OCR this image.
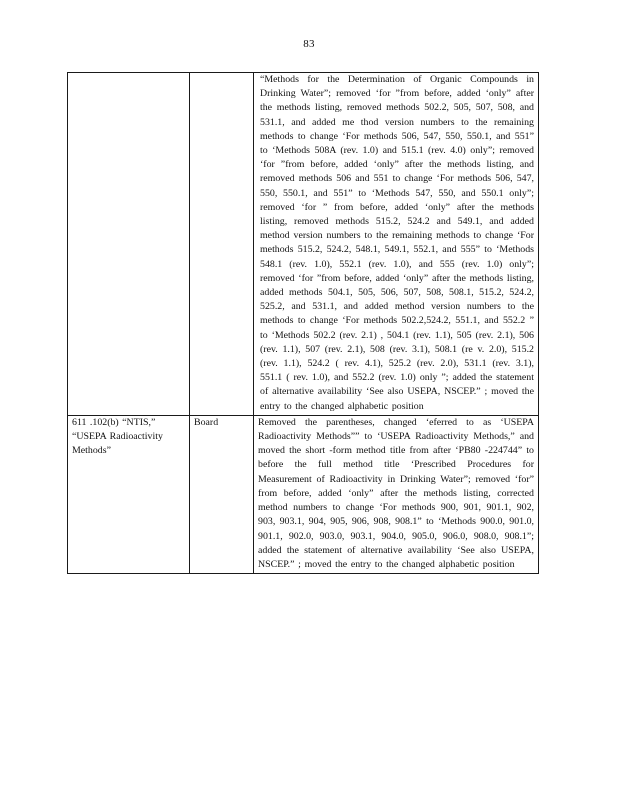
83
		“Methods for the Determination of Organic Compounds in Drinking Water”; removed ‘for ”from before, added ‘only” after the methods listing, removed methods 502.2, 505, 507, 508, and 531.1, and added me thod version numbers to the remaining methods to change ‘For methods 506, 547, 550, 550.1, and 551” to ‘Methods 508A (rev. 1.0) and 515.1 (rev. 4.0) only”; removed ‘for ”from before, added ‘only” after the methods listing, and removed methods 506 and 551 to change ‘For methods 506, 547, 550, 550.1, and 551” to ‘Methods 547, 550, and 550.1 only”; removed ‘for ” from before, added ‘only” after the methods listing, removed methods 515.2, 524.2 and 549.1, and added method version numbers to the remaining methods to change ‘For methods 515.2, 524.2, 548.1, 549.1, 552.1, and 555” to ‘Methods 548.1 (rev. 1.0), 552.1 (rev. 1.0), and 555 (rev. 1.0) only”; removed ‘for ”from before, added ‘only” after the methods listing, added methods 504.1, 505, 506, 507, 508, 508.1, 515.2, 524.2, 525.2, and 531.1, and added method version numbers to the methods to change ‘For methods 502.2,524.2, 551.1, and 552.2 ” to ‘Methods 502.2 (rev. 2.1) , 504.1 (rev. 1.1), 505 (rev. 2.1), 506 (rev. 1.1), 507 (rev. 2.1), 508 (rev. 3.1), 508.1 (re v. 2.0), 515.2 (rev. 1.1), 524.2 ( rev. 4.1), 525.2 (rev. 2.0), 531.1 (rev. 3.1), 551.1 ( rev. 1.0), and 552.2 (rev. 1.0) only ”; added the statement of alternative availability ‘See also USEPA, NSCEP.” ; moved the entry to the changed alphabetic position
611 .102(b) “NTIS,” “USEPA Radioactivity Methods”	Board	Removed the parentheses, changed ‘eferred to as ‘USEPA Radioactivity Methods”” to ‘USEPA Radioactivity Methods,” and moved the short -form method title from after ‘PB80 -224744” to before the full method title ‘Prescribed Procedures for Measurement of Radioactivity in Drinking Water”; removed ‘for” from before, added ‘only” after the methods listing, corrected method numbers to change ‘For methods 900, 901, 901.1, 902, 903, 903.1, 904, 905, 906, 908, 908.1” to ‘Methods 900.0, 901.0, 901.1, 902.0, 903.0, 903.1, 904.0, 905.0, 906.0, 908.0, 908.1”; added the statement of alternative availability ‘See also USEPA, NSCEP.” ; moved the entry to the changed alphabetic position
